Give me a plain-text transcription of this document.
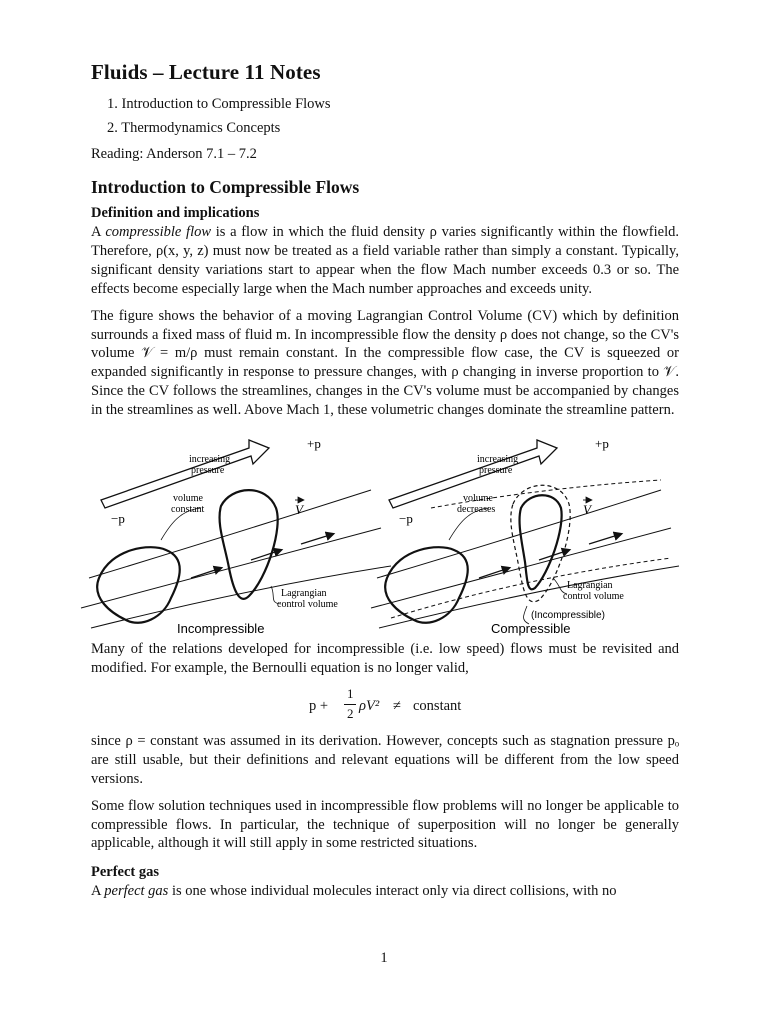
Fluids – Lecture 11 Notes
1. Introduction to Compressible Flows
2. Thermodynamics Concepts
Reading: Anderson 7.1 – 7.2
Introduction to Compressible Flows
Definition and implications

A compressible flow is a flow in which the fluid density ρ varies significantly within the flowfield. Therefore, ρ(x, y, z) must now be treated as a field variable rather than simply a constant. Typically, significant density variations start to appear when the flow Mach number exceeds 0.3 or so. The effects become especially large when the Mach number approaches and exceeds unity.

The figure shows the behavior of a moving Lagrangian Control Volume (CV) which by definition surrounds a fixed mass of fluid m. In incompressible flow the density ρ does not change, so the CV's volume 𝒱 = m/ρ must remain constant. In the compressible flow case, the CV is squeezed or expanded significantly in response to pressure changes, with ρ changing in inverse proportion to 𝒱. Since the CV follows the streamlines, changes in the CV's volume must be accompanied by changes in the streamlines as well. Above Mach 1, these volumetric changes dominate the streamline pattern.

increasing
pressure
+p
−p
volume
constant	V
Lagrangian
control volume
Incompressible
increasing
pressure
+p
−p
volume
decreases	V
Lagrangian
control volume
(Incompressible)
Compressible

Many of the relations developed for incompressible (i.e. low speed) flows must be revisited and modified. For example, the Bernoulli equation is no longer valid,

p +
1
2 ρV² ≠ constant

since ρ = constant was assumed in its derivation. However, concepts such as stagnation pressure pₒ are still usable, but their definitions and relevant equations will be different from the low speed versions.

Some flow solution techniques used in incompressible flow problems will no longer be applicable to compressible flows. In particular, the technique of superposition will no longer be generally applicable, although it will still apply in some restricted situations.

Perfect gas

A perfect gas is one whose individual molecules interact only via direct collisions, with no

1
